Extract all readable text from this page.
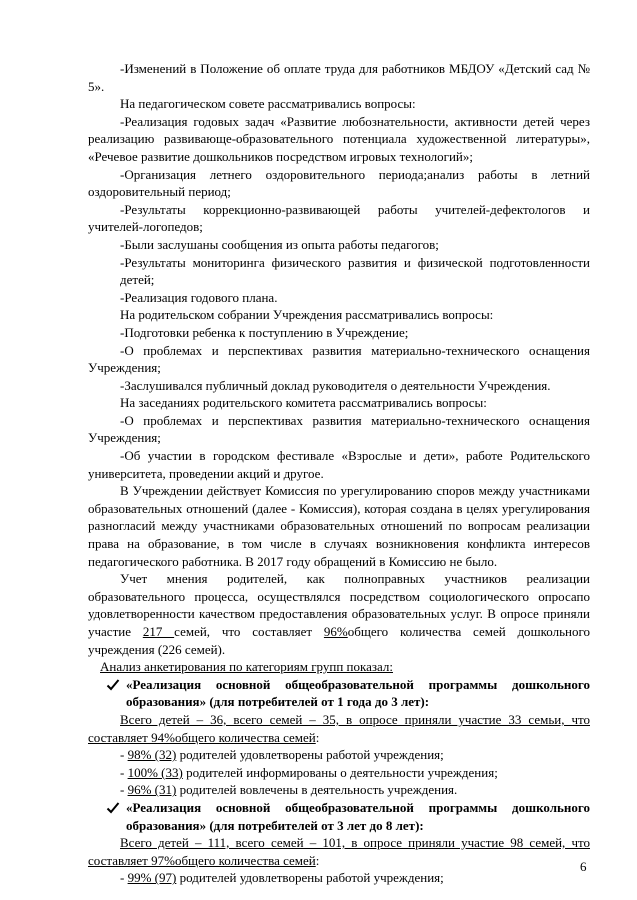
-Изменений в Положение об оплате труда для работников МБДОУ «Детский сад № 5».

На педагогическом совете рассматривались вопросы:

-Реализация годовых задач «Развитие любознательности, активности детей через реализацию развивающе-образовательного потенциала художественной литературы», «Речевое развитие дошкольников посредством игровых технологий»;

-Организация летнего оздоровительного периода;анализ работы в летний оздоровительный период;

-Результаты коррекционно-развивающей работы учителей-дефектологов и учителей-логопедов;

-Были заслушаны сообщения из опыта работы педагогов;

-Результаты мониторинга физического развития и физической подготовленности детей;

-Реализация годового плана.

На родительском собрании Учреждения рассматривались вопросы:

-Подготовки ребенка к поступлению в Учреждение;

-О проблемах и перспективах развития материально-технического оснащения Учреждения;

-Заслушивался публичный доклад руководителя о деятельности Учреждения.

На заседаниях родительского комитета рассматривались вопросы:

-О проблемах и перспективах развития материально-технического оснащения Учреждения;

-Об участии в городском фестивале «Взрослые и дети», работе Родительского университета, проведении акций и другое.

В Учреждении действует Комиссия по урегулированию споров между участниками образовательных отношений (далее - Комиссия), которая создана в целях урегулирования разногласий между участниками образовательных отношений по вопросам реализации права на образование, в том числе в случаях возникновения конфликта интересов педагогического работника. В 2017 году обращений в Комиссию не было.

Учет мнения родителей, как полноправных участников реализации образовательного процесса, осуществлялся посредством социологического опросапо удовлетворенности качеством предоставления образовательных услуг. В опросе приняли участие 217 семей, что составляет 96%общего количества семей дошкольного учреждения (226 семей).

Анализ анкетирования по категориям групп показал:

«Реализация основной общеобразовательной программы дошкольного образования» (для потребителей от 1 года до 3 лет):

Всего детей – 36, всего семей – 35, в опросе приняли участие 33 семьи, что составляет 94%общего количества семей:

- 98% (32) родителей удовлетворены работой учреждения;

- 100% (33) родителей информированы о деятельности учреждения;

- 96% (31) родителей вовлечены в деятельность учреждения.

«Реализация основной общеобразовательной программы дошкольного образования» (для потребителей от 3 лет до 8 лет):

Всего детей – 111, всего семей – 101, в опросе приняли участие 98 семей, что составляет 97%общего количества семей:

- 99% (97) родителей удовлетворены работой учреждения;

6
